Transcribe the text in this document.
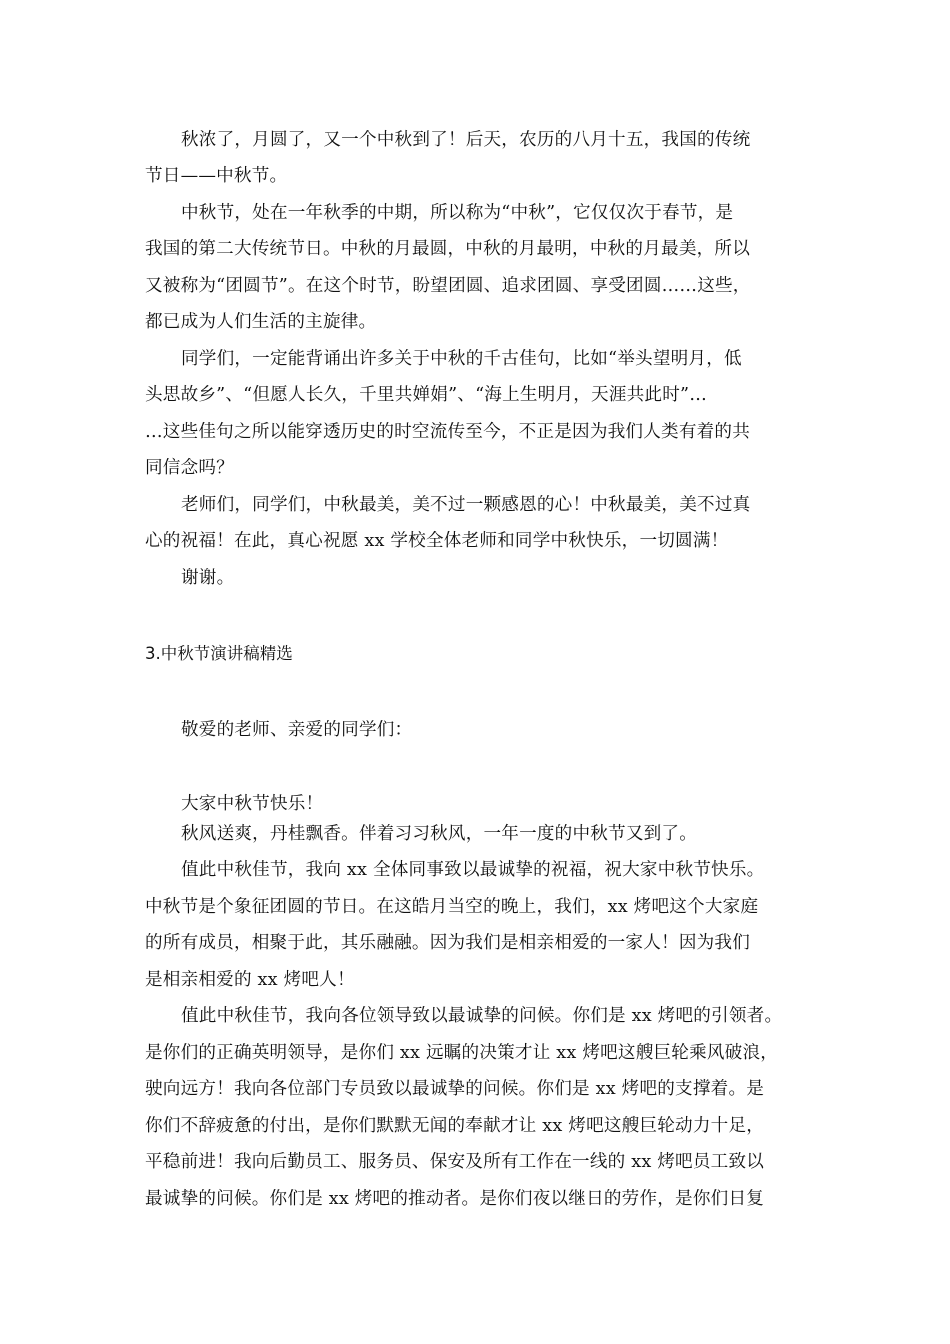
秋浓了，月圆了，又一个中秋到了！后天，农历的八月十五，我国的传统
节日——中秋节。
中秋节，处在一年秋季的中期，所以称为“中秋”，它仅仅次于春节，是
我国的第二大传统节日。中秋的月最圆，中秋的月最明，中秋的月最美，所以
又被称为“团圆节”。在这个时节，盼望团圆、追求团圆、享受团圆……这些，
都已成为人们生活的主旋律。
同学们，一定能背诵出许多关于中秋的千古佳句，比如“举头望明月，低
头思故乡”、“但愿人长久，千里共婵娟”、“海上生明月，天涯共此时”…
…这些佳句之所以能穿透历史的时空流传至今，不正是因为我们人类有着的共
同信念吗？
老师们，同学们，中秋最美，美不过一颗感恩的心！中秋最美，美不过真
心的祝福！在此，真心祝愿 xx 学校全体老师和同学中秋快乐，一切圆满！
谢谢。
3.中秋节演讲稿精选
敬爱的老师、亲爱的同学们：
大家中秋节快乐！
秋风送爽，丹桂飘香。伴着习习秋风，一年一度的中秋节又到了。
值此中秋佳节，我向 xx 全体同事致以最诚挚的祝福，祝大家中秋节快乐。
中秋节是个象征团圆的节日。在这皓月当空的晚上，我们，xx 烤吧这个大家庭
的所有成员，相聚于此，其乐融融。因为我们是相亲相爱的一家人！因为我们
是相亲相爱的 xx 烤吧人！
值此中秋佳节，我向各位领导致以最诚挚的问候。你们是 xx 烤吧的引领者。
是你们的正确英明领导，是你们 xx 远瞩的决策才让 xx 烤吧这艘巨轮乘风破浪，
驶向远方！我向各位部门专员致以最诚挚的问候。你们是 xx 烤吧的支撑着。是
你们不辞疲惫的付出，是你们默默无闻的奉献才让 xx 烤吧这艘巨轮动力十足，
平稳前进！我向后勤员工、服务员、保安及所有工作在一线的 xx 烤吧员工致以
最诚挚的问候。你们是 xx 烤吧的推动者。是你们夜以继日的劳作，是你们日复
